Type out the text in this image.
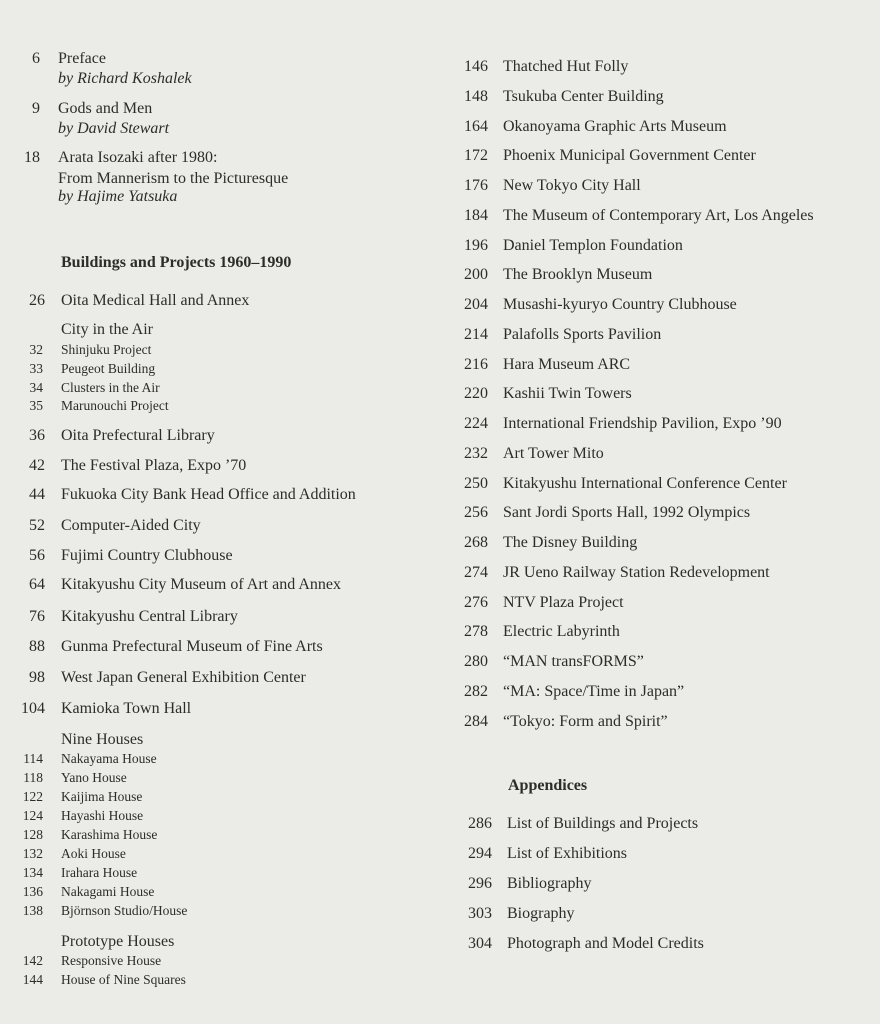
6 Preface
by Richard Koshalek
9 Gods and Men
by David Stewart
18 Arata Isozaki after 1980:
From Mannerism to the Picturesque
by Hajime Yatsuka
Buildings and Projects 1960–1990
26 Oita Medical Hall and Annex
City in the Air
32 Shinjuku Project
33 Peugeot Building
34 Clusters in the Air
35 Marunouchi Project
36 Oita Prefectural Library
42 The Festival Plaza, Expo ’70
44 Fukuoka City Bank Head Office and Addition
52 Computer-Aided City
56 Fujimi Country Clubhouse
64 Kitakyushu City Museum of Art and Annex
76 Kitakyushu Central Library
88 Gunma Prefectural Museum of Fine Arts
98 West Japan General Exhibition Center
104 Kamioka Town Hall
Nine Houses
114 Nakayama House
118 Yano House
122 Kaijima House
124 Hayashi House
128 Karashima House
132 Aoki House
134 Irahara House
136 Nakagami House
138 Björnson Studio/House
Prototype Houses
142 Responsive House
144 House of Nine Squares
Appendices
146 Thatched Hut Folly
148 Tsukuba Center Building
164 Okanoyama Graphic Arts Museum
172 Phoenix Municipal Government Center
176 New Tokyo City Hall
184 The Museum of Contemporary Art, Los Angeles
196 Daniel Templon Foundation
200 The Brooklyn Museum
204 Musashi-kyuryo Country Clubhouse
214 Palafolls Sports Pavilion
216 Hara Museum ARC
220 Kashii Twin Towers
224 International Friendship Pavilion, Expo ’90
232 Art Tower Mito
250 Kitakyushu International Conference Center
256 Sant Jordi Sports Hall, 1992 Olympics
268 The Disney Building
274 JR Ueno Railway Station Redevelopment
276 NTV Plaza Project
278 Electric Labyrinth
280 “MAN transFORMS”
282 “MA: Space/Time in Japan”
284 “Tokyo: Form and Spirit”
286 List of Buildings and Projects
294 List of Exhibitions
296 Bibliography
303 Biography
304 Photograph and Model Credits
